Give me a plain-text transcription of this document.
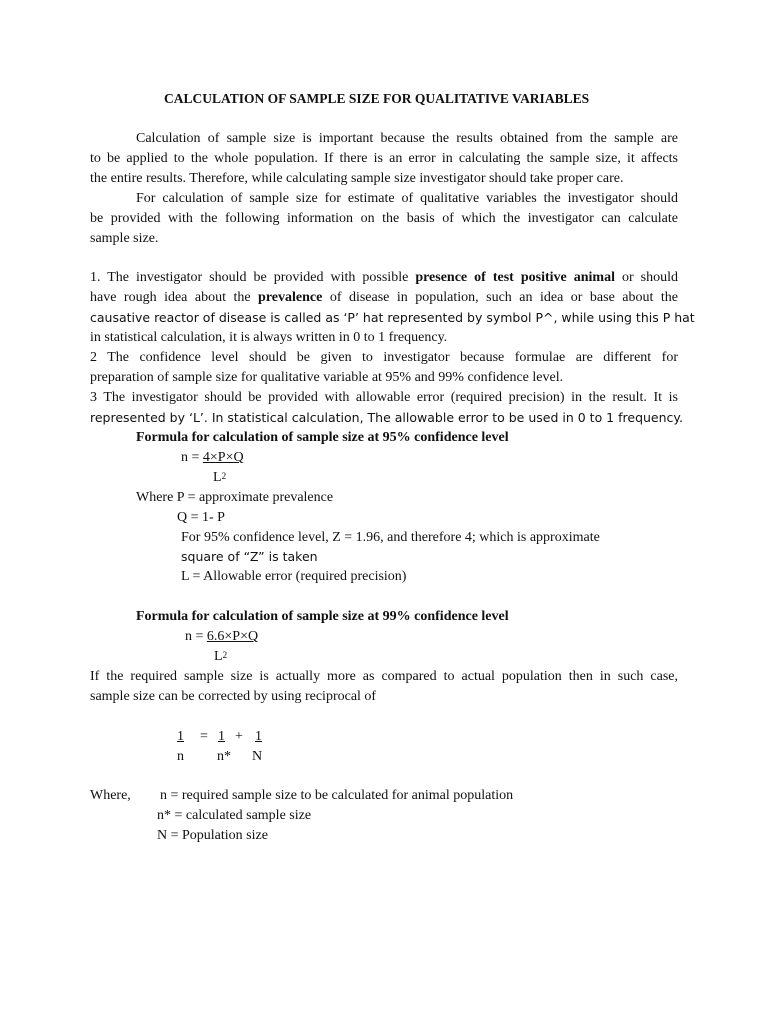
CALCULATION OF SAMPLE SIZE FOR QUALITATIVE VARIABLES
Calculation of sample size is important because the results obtained from the sample are
to be applied to the whole population. If there is an error in calculating the sample size, it affects
the entire results. Therefore, while calculating sample size investigator should take proper care.
For calculation of sample size for estimate of qualitative variables the investigator should
be provided with the following information on the basis of which the investigator can calculate
sample size.
1. The investigator should be provided with possible presence of test positive animal or should
have rough idea about the prevalence of disease in population, such an idea or base about the
causative reactor of disease is called as ‘P’ hat represented by symbol P^, while using this P hat
in statistical calculation, it is always written in 0 to 1 frequency.
2 The confidence level should be given to investigator because formulae are different for
preparation of sample size for qualitative variable at 95% and 99% confidence level.
3 The investigator should be provided with allowable error (required precision) in the result. It is
represented by ‘L’. In statistical calculation, The allowable error to be used in 0 to 1 frequency.
Formula for calculation of sample size at 95% confidence level
n = 4×P×Q
$L^2$
Where P = approximate prevalence
Q = 1- P
For 95% confidence level, Z = 1.96, and therefore 4; which is approximate
square of “Z” is taken
L = Allowable error (required precision)
Formula for calculation of sample size at 99% confidence level
n = 6.6×P×Q
$L^2$
If the required sample size is actually more as compared to actual population then in such case,
sample size can be corrected by using reciprocal of
1 = 1 + 1
n n* N
Where, n = required sample size to be calculated for animal population
n* = calculated sample size
N = Population size
